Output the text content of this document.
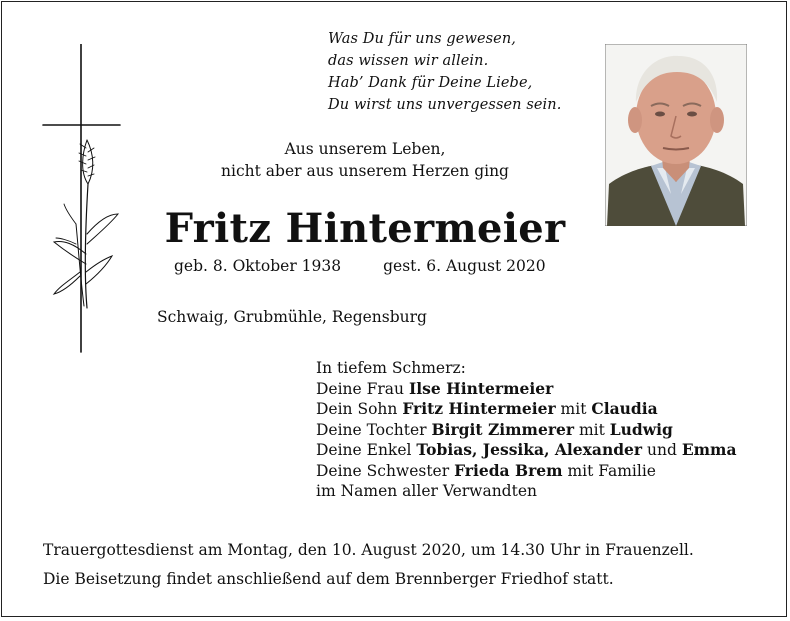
Was Du für uns gewesen,
das wissen wir allein.
Hab’ Dank für Deine Liebe,
Du wirst uns unvergessen sein.
Aus unserem Leben,
nicht aber aus unserem Herzen ging
Fritz Hintermeier
geb. 8. Oktober 1938	gest. 6. August 2020
Schwaig, Grubmühle, Regensburg
In tiefem Schmerz:
Deine Frau Ilse Hintermeier
Dein Sohn Fritz Hintermeier mit Claudia
Deine Tochter Birgit Zimmerer mit Ludwig
Deine Enkel Tobias, Jessika, Alexander und Emma
Deine Schwester Frieda Brem mit Familie
im Namen aller Verwandten
Trauergottesdienst am Montag, den 10. August 2020, um 14.30 Uhr in Frauenzell.
Die Beisetzung findet anschließend auf dem Brennberger Friedhof statt.
